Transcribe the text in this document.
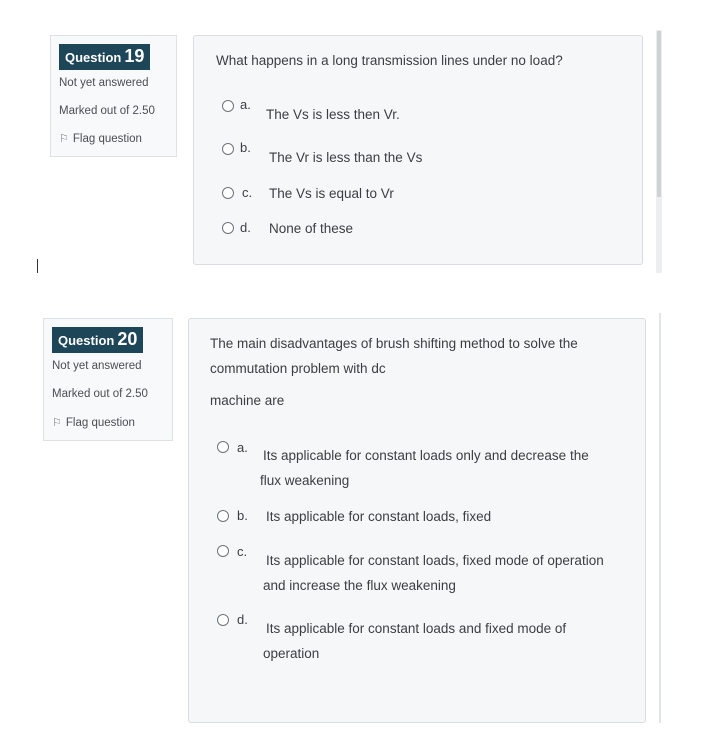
Question 19
Not yet answered
Marked out of 2.50
⚐ Flag question
What happens in a long transmission lines under no load?
a.
The Vs is less then Vr.
b.
The Vr is less than the Vs
c. The Vs is equal to Vr
d. None of these
Question 20
Not yet answered
Marked out of 2.50
⚐ Flag question
The main disadvantages of brush shifting method to solve the
commutation problem with dc
machine are
a.
Its applicable for constant loads only and decrease the
flux weakening
b. Its applicable for constant loads, fixed
c.
Its applicable for constant loads, fixed mode of operation
and increase the flux weakening
d.
Its applicable for constant loads and fixed mode of
operation
